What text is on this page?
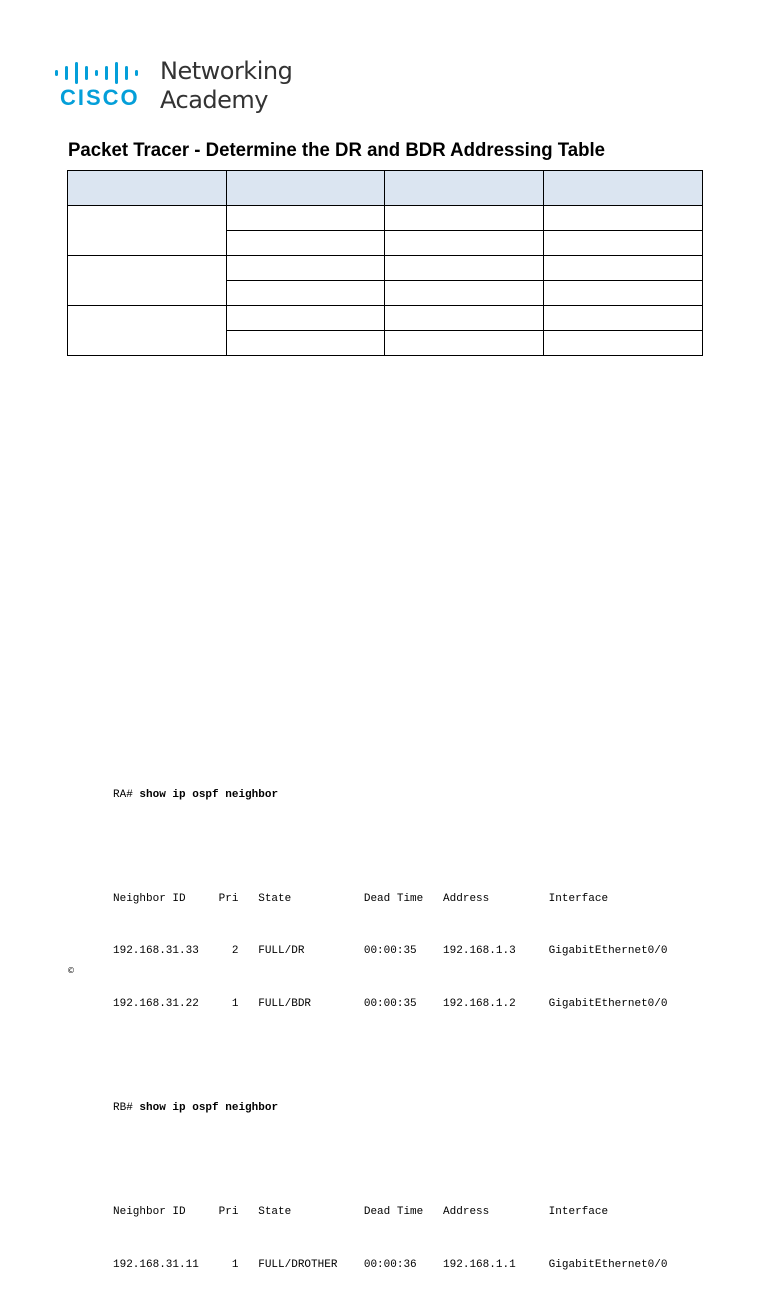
CISCO
Networking
Academy
Packet Tracer - Determine the DR and BDR Addressing Table

RA# show ip ospf neighbor

Neighbor ID     Pri   State           Dead Time   Address         Interface

192.168.31.33     2   FULL/DR         00:00:35    192.168.1.3     GigabitEthernet0/0

192.168.31.22     1   FULL/BDR        00:00:35    192.168.1.2     GigabitEthernet0/0

RB# show ip ospf neighbor

Neighbor ID     Pri   State           Dead Time   Address         Interface

192.168.31.11     1   FULL/DROTHER    00:00:36    192.168.1.1     GigabitEthernet0/0

©
